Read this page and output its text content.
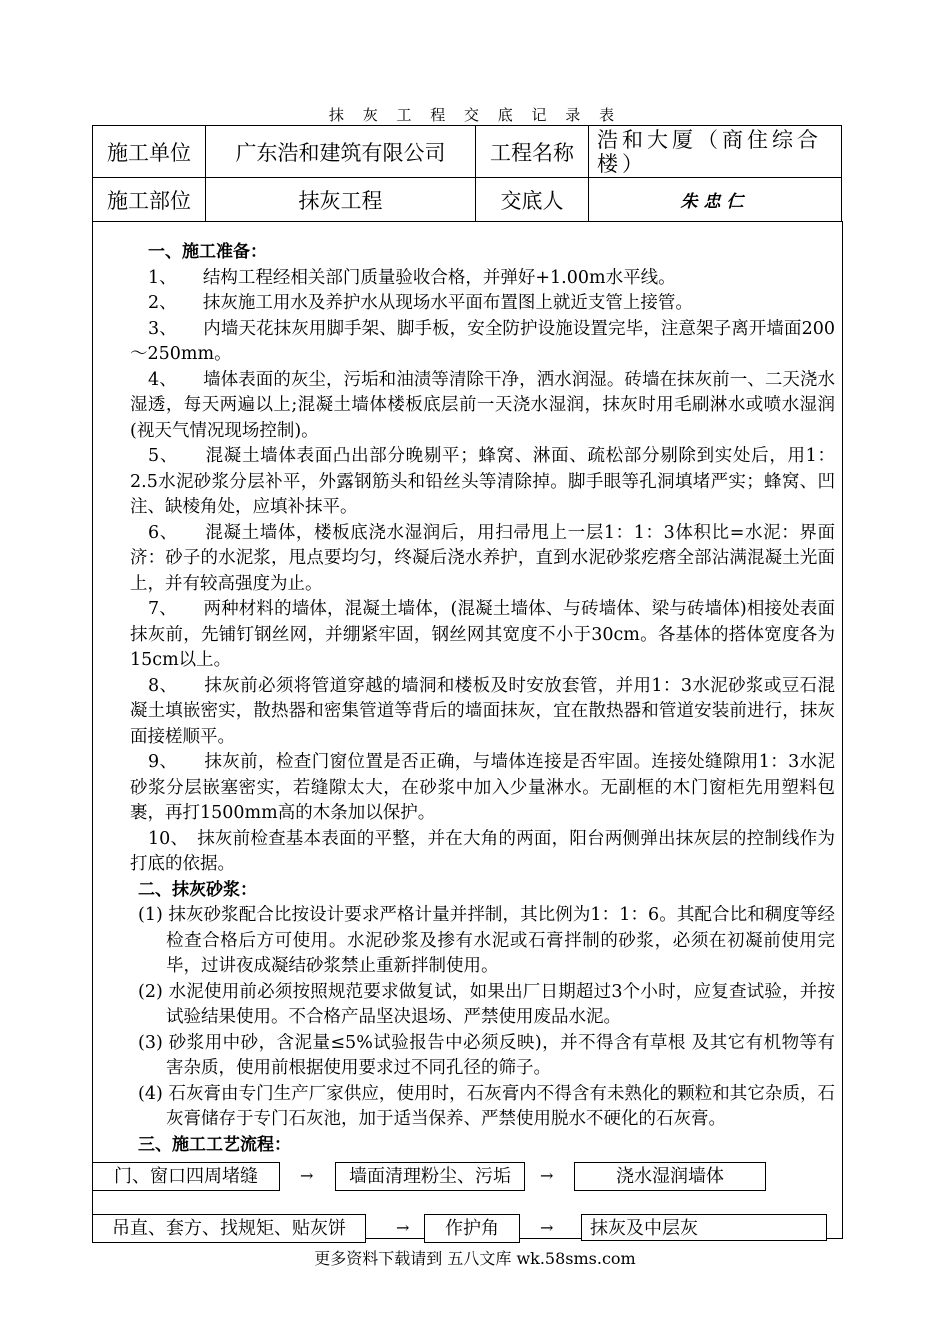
抹 灰 工 程 交 底 记 录 表
施工单位	广东浩和建筑有限公司	工程名称	浩和大厦（商住综合楼）
施工部位	抹灰工程	交底人	朱忠仁

一、施工准备：

1、　　结构工程经相关部门质量验收合格，并弹好+1.00m水平线。

2、　　抹灰施工用水及养护水从现场水平面布置图上就近支管上接管。

3、　　内墙天花抹灰用脚手架、脚手板，安全防护设施设置完毕，注意架子离开墙面200～250mm。

4、　　墙体表面的灰尘，污垢和油渍等清除干净，洒水润湿。砖墙在抹灰前一、二天浇水湿透，每天两遍以上;混凝土墙体楼板底层前一天浇水湿润，抹灰时用毛刷淋水或喷水湿润(视天气情况现场控制)。

5、　　混凝土墙体表面凸出部分晚剔平；蜂窝、淋面、疏松部分剔除到实处后，用1：2.5水泥砂浆分层补平，外露钢筋头和铅丝头等清除掉。脚手眼等孔洞填堵严实；蜂窝、凹注、缺棱角处，应填补抹平。

6、　　混凝土墙体，楼板底浇水湿润后，用扫帚甩上一层1：1：3体积比=水泥：界面济：砂子的水泥浆，甩点要均匀，终凝后浇水养护，直到水泥砂浆疙瘩全部沾满混凝土光面上，并有较高强度为止。

7、　　两种材料的墙体，混凝土墙体，(混凝土墙体、与砖墙体、梁与砖墙体)相接处表面抹灰前，先铺钉钢丝网，并绷紧牢固，钢丝网其宽度不小于30cm。各基体的搭体宽度各为15cm以上。

8、　　抹灰前必须将管道穿越的墙洞和楼板及时安放套管，并用1：3水泥砂浆或豆石混凝土填嵌密实，散热器和密集管道等背后的墙面抹灰，宜在散热器和管道安装前进行，抹灰面接槎顺平。

9、　　抹灰前，检查门窗位置是否正确，与墙体连接是否牢固。连接处缝隙用1：3水泥砂浆分层嵌塞密实，若缝隙太大，在砂浆中加入少量淋水。无副框的木门窗柜先用塑料包裹，再打1500mm高的木条加以保护。

10、　抹灰前检查基本表面的平整，并在大角的两面，阳台两侧弹出抹灰层的控制线作为打底的依据。

二、抹灰砂浆：

(1) 抹灰砂浆配合比按设计要求严格计量并拌制，其比例为1：1：6。其配合比和稠度等经检查合格后方可使用。水泥砂浆及掺有水泥或石膏拌制的砂浆，必须在初凝前使用完毕，过讲夜成凝结砂浆禁止重新拌制使用。

(2) 水泥使用前必须按照规范要求做复试，如果出厂日期超过3个小时，应复查试验，并按试验结果使用。不合格产品坚决退场、严禁使用废品水泥。

(3) 砂浆用中砂，含泥量≤5%试验报告中必须反映)，并不得含有草根 及其它有机物等有害杂质，使用前根据使用要求过不同孔径的筛子。

(4) 石灰膏由专门生产厂家供应，使用时，石灰膏内不得含有未熟化的颗粒和其它杂质，石灰膏储存于专门石灰池，加于适当保养、严禁使用脱水不硬化的石灰膏。

三、施工工艺流程：

门、窗口四周堵缝	→	墙面清理粉尘、污垢	→	浇水湿润墙体
吊直、套方、找规矩、贴灰饼	→	作护角	→	抹灰及中层灰
更多资料下载请到 五八文库 wk.58sms.com
